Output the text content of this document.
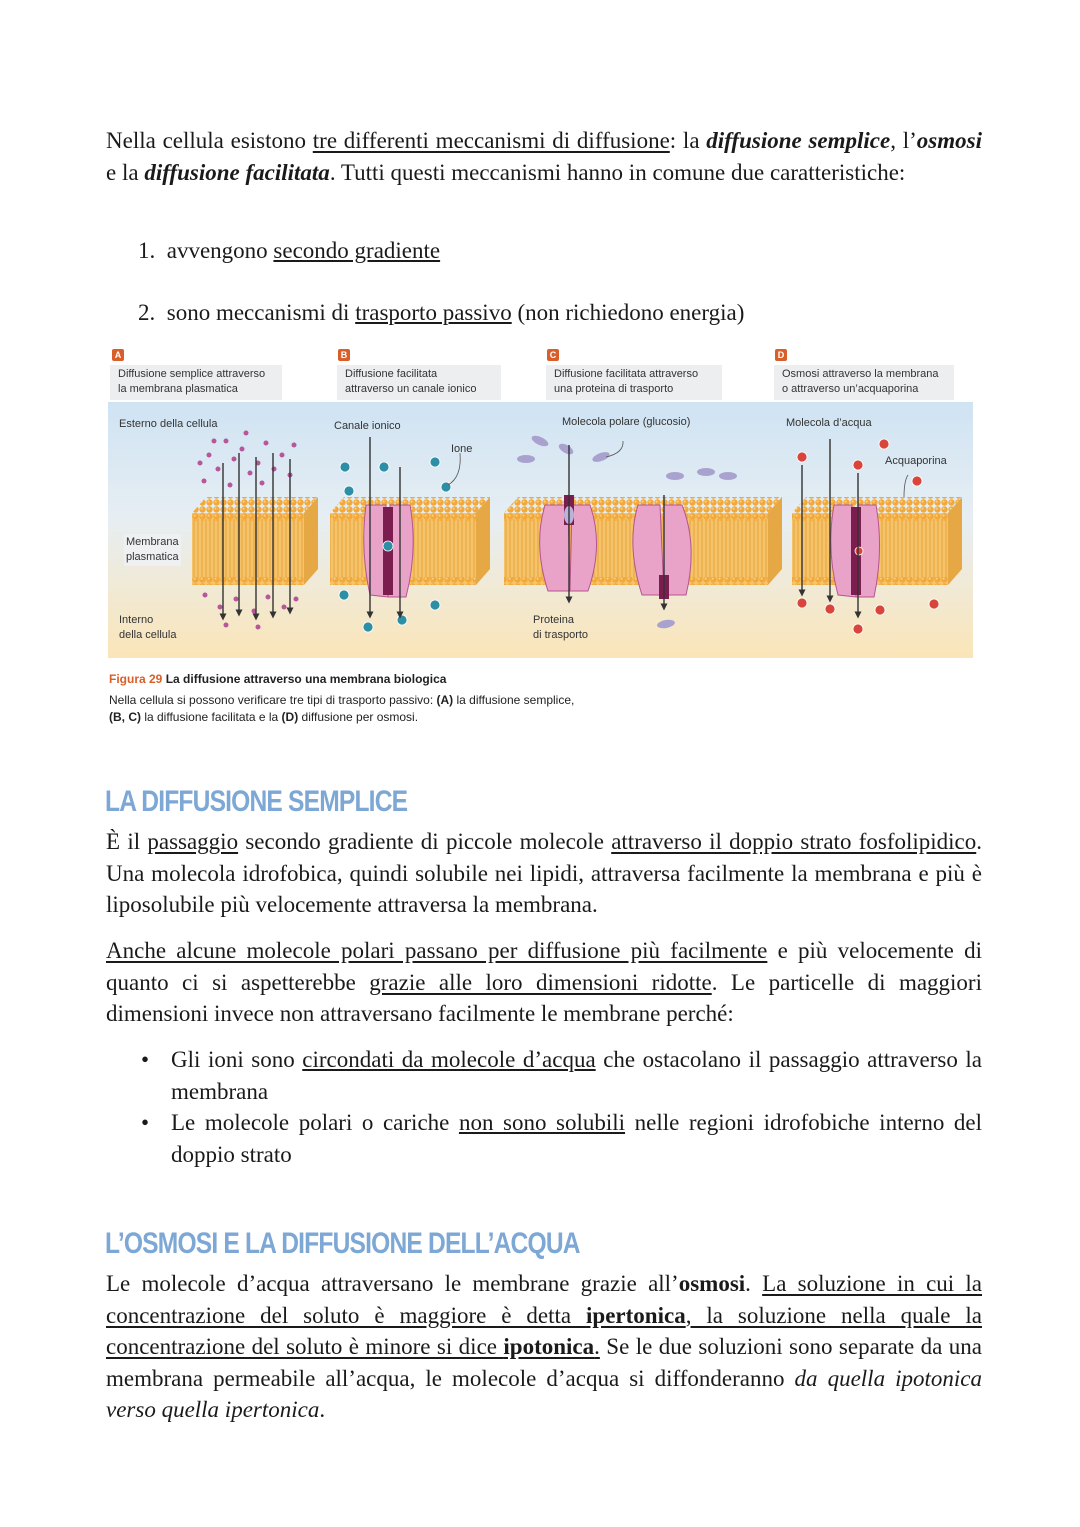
Nella cellula esistono tre differenti meccanismi di diffusione: la diffusione semplice, l’osmosi e la diffusione facilitata. Tutti questi meccanismi hanno in comune due caratteristiche:

1. avvengono secondo gradiente
2. sono meccanismi di trasporto passivo (non richiedono energia)
A
Diffusione semplice attraverso
la membrana plasmatica
B
Diffusione facilitata
attraverso un canale ionico
C
Diffusione facilitata attraverso
una proteina di trasporto
D
Osmosi attraverso la membrana
o attraverso un’acquaporina
Esterno della cellula
Membrana
plasmatica
Interno
della cellula
Canale ionico
Ione
Molecola polare (glucosio)
Proteina
di trasporto
Molecola d’acqua
Acquaporina
Figura 29 La diffusione attraverso una membrana biologica
Nella cellula si possono verificare tre tipi di trasporto passivo: (A) la diffusione semplice, (B, C) la diffusione facilitata e la (D) diffusione per osmosi.
LA DIFFUSIONE SEMPLICE

È il passaggio secondo gradiente di piccole molecole attraverso il doppio strato fosfolipidico. Una molecola idrofobica, quindi solubile nei lipidi, attraversa facilmente la membrana e più è liposolubile più velocemente attraversa la membrana.

Anche alcune molecole polari passano per diffusione più facilmente e più velocemente di quanto ci si aspetterebbe grazie alle loro dimensioni ridotte. Le particelle di maggiori dimensioni invece non attraversano facilmente le membrane perché:

• Gli ioni sono circondati da molecole d’acqua che ostacolano il passaggio attraverso la membrana
• Le molecole polari o cariche non sono solubili nelle regioni idrofobiche interno del doppio strato
L’OSMOSI E LA DIFFUSIONE DELL’ACQUA

Le molecole d’acqua attraversano le membrane grazie all’osmosi. La soluzione in cui la concentrazione del soluto è maggiore è detta ipertonica, la soluzione nella quale la concentrazione del soluto è minore si dice ipotonica. Se le due soluzioni sono separate da una membrana permeabile all’acqua, le molecole d’acqua si diffonderanno da quella ipotonica verso quella ipertonica.
